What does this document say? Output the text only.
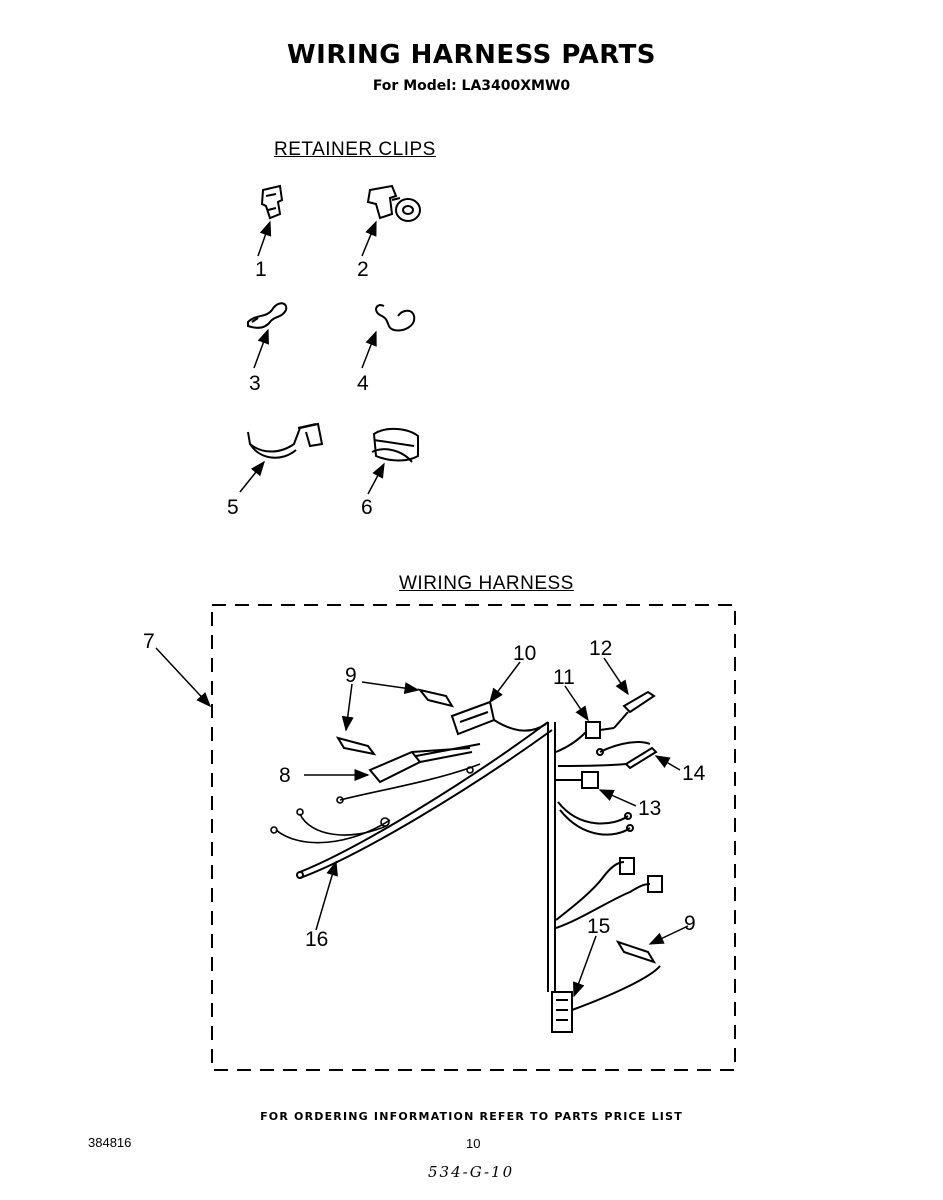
WIRING HARNESS PARTS
For Model: LA3400XMW0
RETAINER CLIPS
WIRING HARNESS
1	2
3	4
5	6
7
8
9
9
10
11
12
13
14
15
16
FOR ORDERING INFORMATION REFER TO PARTS PRICE LIST
384816	10
534-G-10
